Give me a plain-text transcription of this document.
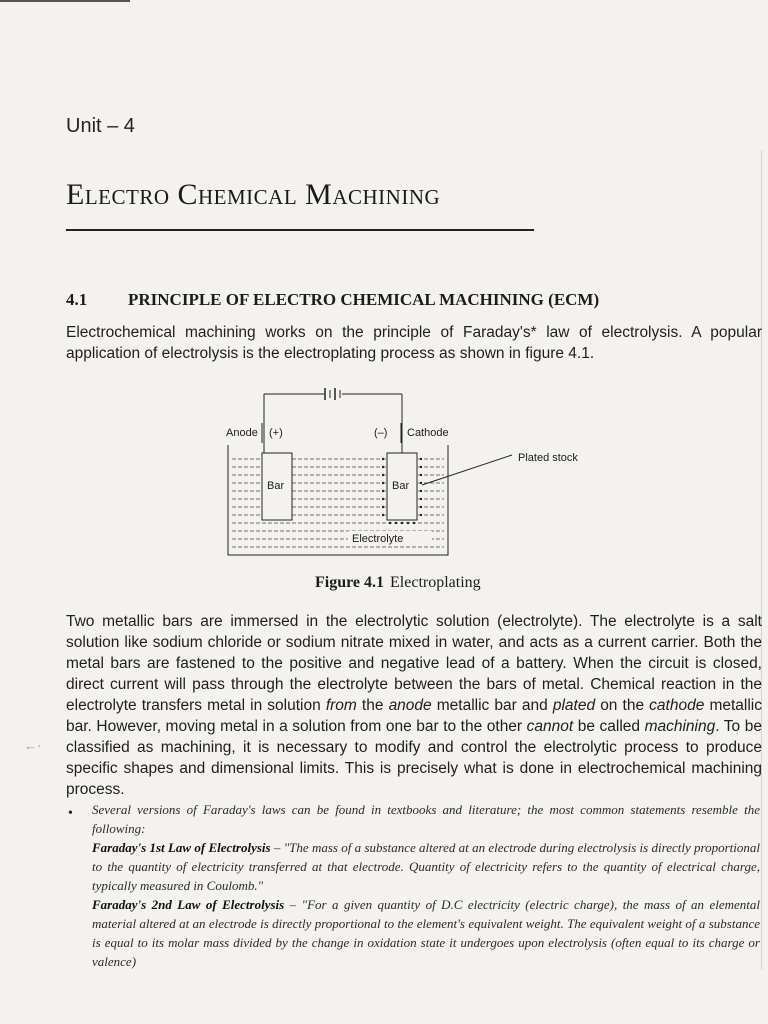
Unit – 4
Electro Chemical Machining
4.1 PRINCIPLE OF ELECTRO CHEMICAL MACHINING (ECM)

Electrochemical machining works on the principle of Faraday's* law of electrolysis. A popular application of electrolysis is the electroplating process as shown in figure 4.1.

Anode (+)	(–) Cathode
Bar	Bar
Plated stock
Electrolyte
Figure 4.1 Electroplating

Two metallic bars are immersed in the electrolytic solution (electrolyte). The electrolyte is a salt solution like sodium chloride or sodium nitrate mixed in water, and acts as a current carrier. Both the metal bars are fastened to the positive and negative lead of a battery. When the circuit is closed, direct current will pass through the electrolyte between the bars of metal. Chemical reaction in the electrolyte transfers metal in solution from the anode metallic bar and plated on the cathode metallic bar. However, moving metal in a solution from one bar to the other cannot be called machining. To be classified as machining, it is necessary to modify and control the electrolytic process to produce specific shapes and dimensional limits. This is precisely what is done in electrochemical machining process.

←·
• Several versions of Faraday's laws can be found in textbooks and literature; the most common statements resemble the following:
Faraday's 1st Law of Electrolysis – "The mass of a substance altered at an electrode during electrolysis is directly proportional to the quantity of electricity transferred at that electrode. Quantity of electricity refers to the quantity of electrical charge, typically measured in Coulomb."
Faraday's 2nd Law of Electrolysis – "For a given quantity of D.C electricity (electric charge), the mass of an elemental material altered at an electrode is directly proportional to the element's equivalent weight. The equivalent weight of a substance is equal to its molar mass divided by the change in oxidation state it undergoes upon electrolysis (often equal to its charge or valence)
